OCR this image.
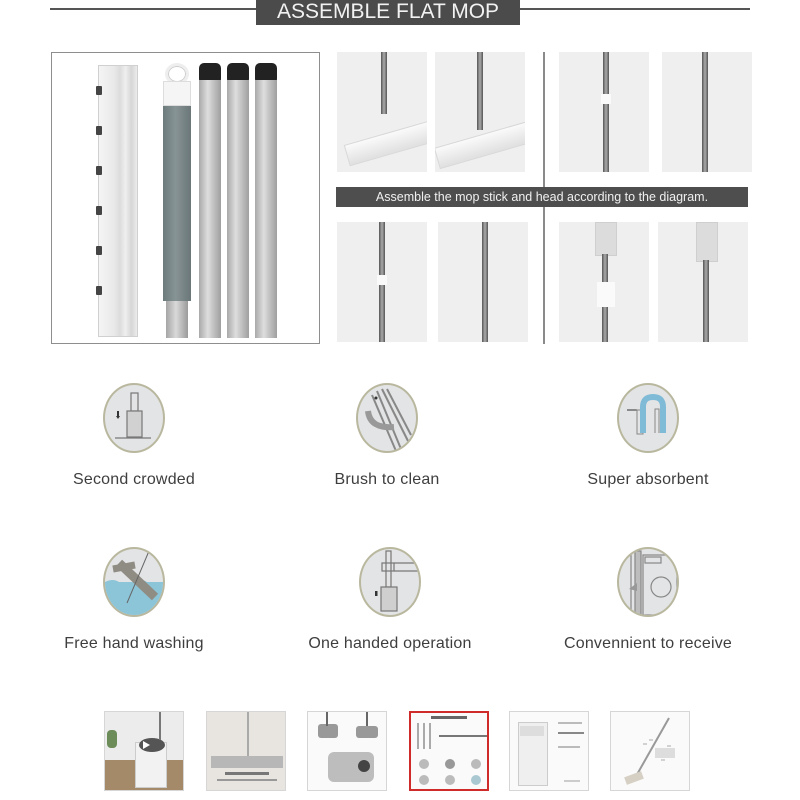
ASSEMBLE FLAT MOP
Assemble the mop stick and head according to the diagram.
Second crowded	Brush to clean	Super absorbent
Free hand washing	One handed operation	Convennient to receive
